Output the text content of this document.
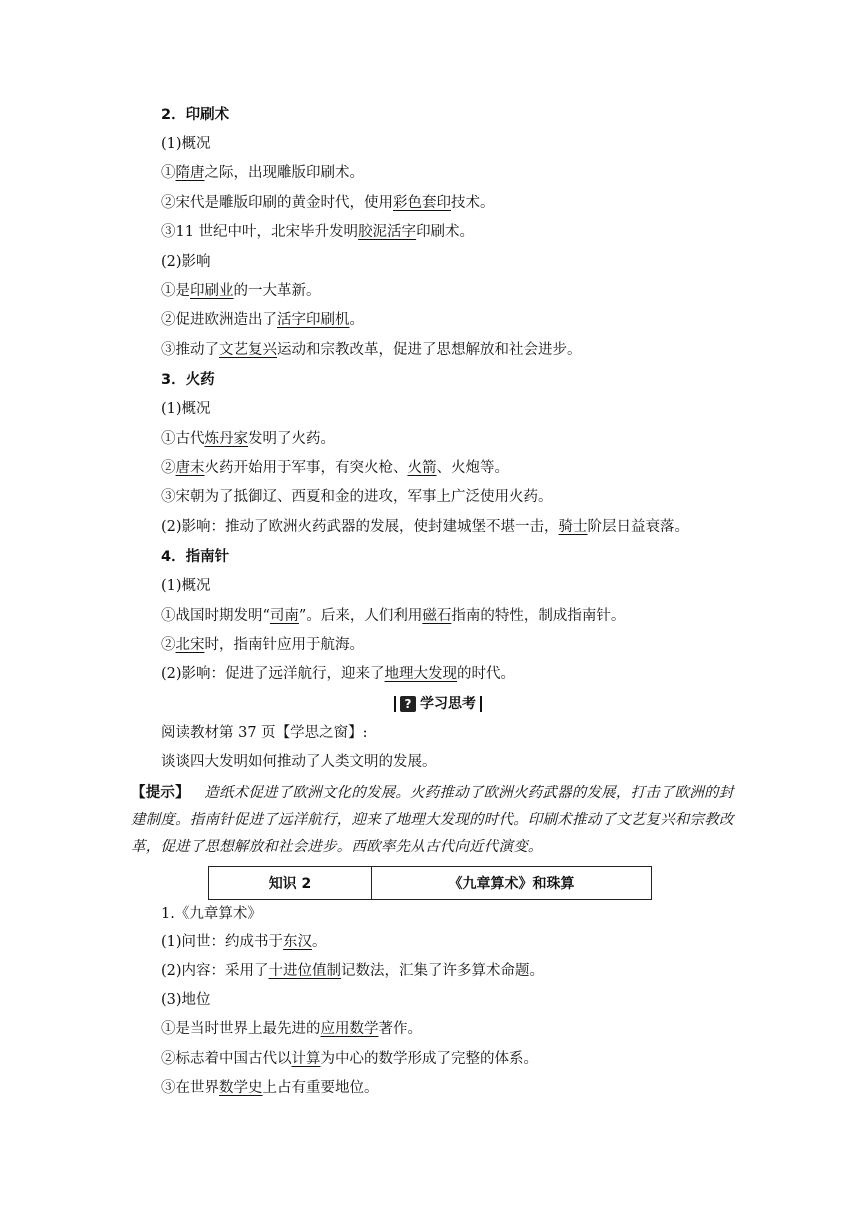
2．印刷术
(1)概况
①隋唐之际，出现雕版印刷术。
②宋代是雕版印刷的黄金时代，使用彩色套印技术。
③11 世纪中叶，北宋毕升发明胶泥活字印刷术。
(2)影响
①是印刷业的一大革新。
②促进欧洲造出了活字印刷机。
③推动了文艺复兴运动和宗教改革，促进了思想解放和社会进步。
3．火药
(1)概况
①古代炼丹家发明了火药。
②唐末火药开始用于军事，有突火枪、火箭、火炮等。
③宋朝为了抵御辽、西夏和金的进攻，军事上广泛使用火药。
(2)影响：推动了欧洲火药武器的发展，使封建城堡不堪一击，骑士阶层日益衰落。
4．指南针
(1)概况
①战国时期发明“司南”。后来，人们利用磁石指南的特性，制成指南针。
②北宋时，指南针应用于航海。
(2)影响：促进了远洋航行，迎来了地理大发现的时代。
? 学习思考
阅读教材第 37 页【学思之窗】:
谈谈四大发明如何推动了人类文明的发展。
【提示】 造纸术促进了欧洲文化的发展。火药推动了欧洲火药武器的发展，打击了欧洲的封建制度。指南针促进了远洋航行，迎来了地理大发现的时代。印刷术推动了文艺复兴和宗教改革，促进了思想解放和社会进步。西欧率先从古代向近代演变。
知识 2	《九章算术》和珠算
1.《九章算术》
(1)问世：约成书于东汉。
(2)内容：采用了十进位值制记数法，汇集了许多算术命题。
(3)地位
①是当时世界上最先进的应用数学著作。
②标志着中国古代以计算为中心的数学形成了完整的体系。
③在世界数学史上占有重要地位。
